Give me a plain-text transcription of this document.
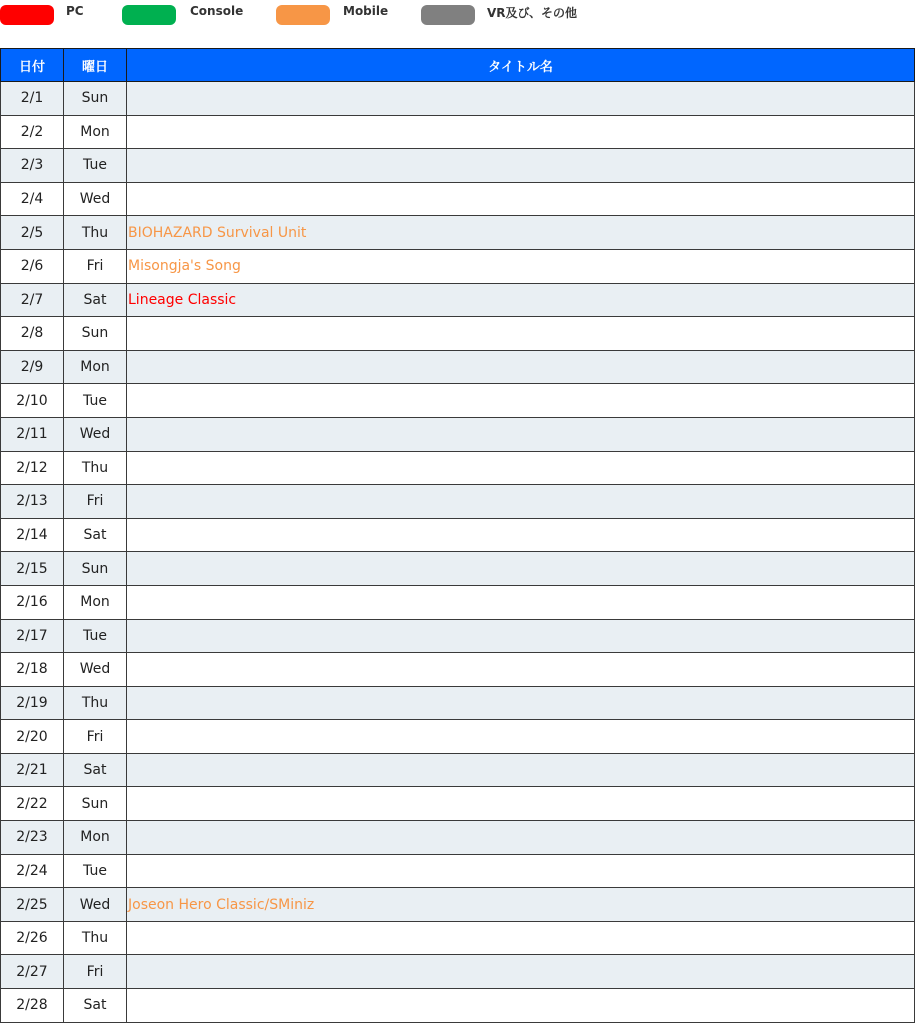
PC	Console	Mobile	VR及び、その他
日付	曜日	タイトル名
2/1	Sun	
2/2	Mon	
2/3	Tue	
2/4	Wed	
2/5	Thu	BIOHAZARD Survival Unit
2/6	Fri	Misongja's Song
2/7	Sat	Lineage Classic
2/8	Sun	
2/9	Mon	
2/10	Tue	
2/11	Wed	
2/12	Thu	
2/13	Fri	
2/14	Sat	
2/15	Sun	
2/16	Mon	
2/17	Tue	
2/18	Wed	
2/19	Thu	
2/20	Fri	
2/21	Sat	
2/22	Sun	
2/23	Mon	
2/24	Tue	
2/25	Wed	Joseon Hero Classic/SMiniz
2/26	Thu	
2/27	Fri	
2/28	Sat	
